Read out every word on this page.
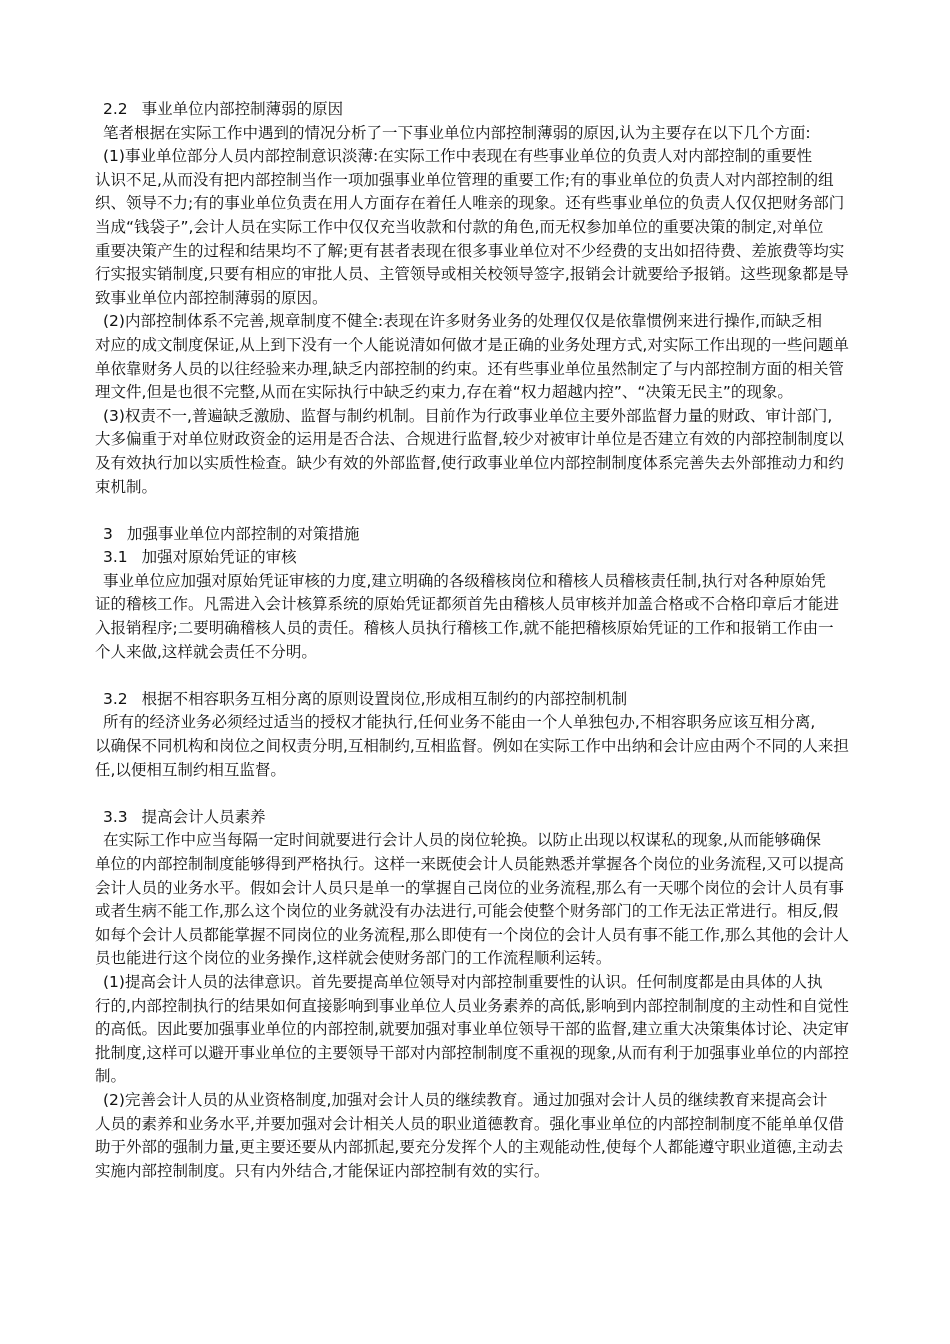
2.2 事业单位内部控制薄弱的原因
笔者根据在实际工作中遇到的情况分析了一下事业单位内部控制薄弱的原因,认为主要存在以下几个方面:
(1)事业单位部分人员内部控制意识淡薄:在实际工作中表现在有些事业单位的负责人对内部控制的重要性
认识不足,从而没有把内部控制当作一项加强事业单位管理的重要工作;有的事业单位的负责人对内部控制的组
织、领导不力;有的事业单位负责在用人方面存在着任人唯亲的现象。还有些事业单位的负责人仅仅把财务部门
当成“钱袋子”,会计人员在实际工作中仅仅充当收款和付款的角色,而无权参加单位的重要决策的制定,对单位
重要决策产生的过程和结果均不了解;更有甚者表现在很多事业单位对不少经费的支出如招待费、差旅费等均实
行实报实销制度,只要有相应的审批人员、主管领导或相关校领导签字,报销会计就要给予报销。这些现象都是导
致事业单位内部控制薄弱的原因。
(2)内部控制体系不完善,规章制度不健全:表现在许多财务业务的处理仅仅是依靠惯例来进行操作,而缺乏相
对应的成文制度保证,从上到下没有一个人能说清如何做才是正确的业务处理方式,对实际工作出现的一些问题单
单依靠财务人员的以往经验来办理,缺乏内部控制的约束。还有些事业单位虽然制定了与内部控制方面的相关管
理文件,但是也很不完整,从而在实际执行中缺乏约束力,存在着“权力超越内控”、“决策无民主”的现象。
(3)权责不一,普遍缺乏激励、监督与制约机制。目前作为行政事业单位主要外部监督力量的财政、审计部门,
大多偏重于对单位财政资金的运用是否合法、合规进行监督,较少对被审计单位是否建立有效的内部控制制度以
及有效执行加以实质性检查。缺少有效的外部监督,使行政事业单位内部控制制度体系完善失去外部推动力和约
束机制。
3 加强事业单位内部控制的对策措施
3.1 加强对原始凭证的审核
事业单位应加强对原始凭证审核的力度,建立明确的各级稽核岗位和稽核人员稽核责任制,执行对各种原始凭
证的稽核工作。凡需进入会计核算系统的原始凭证都须首先由稽核人员审核并加盖合格或不合格印章后才能进
入报销程序;二要明确稽核人员的责任。稽核人员执行稽核工作,就不能把稽核原始凭证的工作和报销工作由一
个人来做,这样就会责任不分明。
3.2 根据不相容职务互相分离的原则设置岗位,形成相互制约的内部控制机制
所有的经济业务必须经过适当的授权才能执行,任何业务不能由一个人单独包办,不相容职务应该互相分离,
以确保不同机构和岗位之间权责分明,互相制约,互相监督。例如在实际工作中出纳和会计应由两个不同的人来担
任,以便相互制约相互监督。
3.3 提高会计人员素养
在实际工作中应当每隔一定时间就要进行会计人员的岗位轮换。以防止出现以权谋私的现象,从而能够确保
单位的内部控制制度能够得到严格执行。这样一来既使会计人员能熟悉并掌握各个岗位的业务流程,又可以提高
会计人员的业务水平。假如会计人员只是单一的掌握自己岗位的业务流程,那么有一天哪个岗位的会计人员有事
或者生病不能工作,那么这个岗位的业务就没有办法进行,可能会使整个财务部门的工作无法正常进行。相反,假
如每个会计人员都能掌握不同岗位的业务流程,那么即使有一个岗位的会计人员有事不能工作,那么其他的会计人
员也能进行这个岗位的业务操作,这样就会使财务部门的工作流程顺利运转。
(1)提高会计人员的法律意识。首先要提高单位领导对内部控制重要性的认识。任何制度都是由具体的人执
行的,内部控制执行的结果如何直接影响到事业单位人员业务素养的高低,影响到内部控制制度的主动性和自觉性
的高低。因此要加强事业单位的内部控制,就要加强对事业单位领导干部的监督,建立重大决策集体讨论、决定审
批制度,这样可以避开事业单位的主要领导干部对内部控制制度不重视的现象,从而有利于加强事业单位的内部控
制。
(2)完善会计人员的从业资格制度,加强对会计人员的继续教育。通过加强对会计人员的继续教育来提高会计
人员的素养和业务水平,并要加强对会计相关人员的职业道德教育。强化事业单位的内部控制制度不能单单仅借
助于外部的强制力量,更主要还要从内部抓起,要充分发挥个人的主观能动性,使每个人都能遵守职业道德,主动去
实施内部控制制度。只有内外结合,才能保证内部控制有效的实行。
